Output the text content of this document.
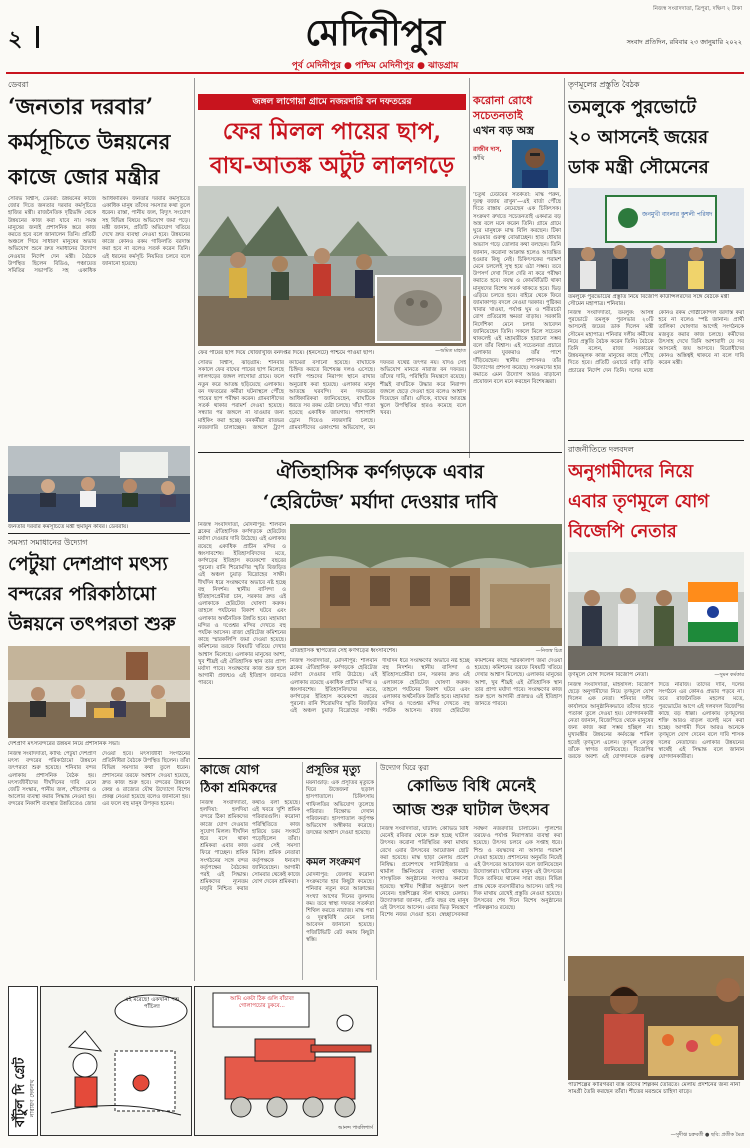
২	মেদিনীপুর
পূর্ব মেদিনীপুর ● পশ্চিম মেদিনীপুর ● ঝাড়গ্রাম
নিজস্ব সংবাদদাতা, ত্রিপুরা, দক্ষিণ ২ টাকা
সংবাদ প্রতিদিন, রবিবার ২৩ জানুয়ারি ২০২২
ডেবরা
‘জনতার দরবার’
কর্মসূচিতে উন্নয়নের
কাজে জোর মন্ত্রীর
সৌরভ বিশ্বাস, ডেবরা: উন্নয়নের কাজে জোর দিতে জনতার দরবার কর্মসূচিতে হাজির মন্ত্রী। রাজনৈতিক দৃষ্টিভঙ্গি থেকে উন্নয়নের কাজ করা যাবে না। সমস্ত মানুষের জন্যই প্রশাসনিক স্তরে কাজ করতে হবে বলে জানালেন তিনি। প্রতিটি অঞ্চলে গিয়ে সাধারণ মানুষের অভাব অভিযোগ শুনে দ্রুত সমাধানের উদ্যোগ নেওয়ার নির্দেশ দেন মন্ত্রী। বৈঠকে উপস্থিত ছিলেন বিডিও, পঞ্চায়েত সমিতির সভাপতি সহ একাধিক আধিকারিক। জনতার দরবার কর্মসূচিতে একাধিক মানুষ তাঁদের সমস্যার কথা তুলে ধরেন। রাস্তা, পানীয় জল, বিদ্যুৎ সংযোগ সহ বিভিন্ন বিষয়ে অভিযোগ জমা পড়ে। মন্ত্রী জানান, প্রতিটি অভিযোগ খতিয়ে দেখে দ্রুত ব্যবস্থা নেওয়া হবে। উন্নয়নের কাজে কোনও রকম গাফিলতি বরদাস্ত করা হবে না বলেও সতর্ক করেন তিনি। এই ধরনের কর্মসূচি নিয়মিত চলবে বলে জানানো হয়েছে।
জনতার দরবার কর্মসূচিতে মন্ত্রী হুমায়ুন কবির। ডেবরায়।
সমস্যা সমাধানের উদ্যোগ
পেটুয়া দেশপ্রাণ মৎস্য
বন্দরের পরিকাঠামো
উন্নয়নে তৎপরতা শুরু
দেশপ্রাণ মৎস্যবন্দরের উন্নয়ন নিয়ে প্রশাসনিক সভা।
নিজস্ব সংবাদদাতা, কাঁথি: পেটুয়া দেশপ্রাণ মৎস্য বন্দরের পরিকাঠামো উন্নয়নে তৎপরতা শুরু হয়েছে। শনিবার বন্দর এলাকায় প্রশাসনিক বৈঠক হয়। মৎস্যজীবীদের দীর্ঘদিনের দাবি মেনে জেটি সংস্কার, পানীয় জল, শৌচাগার ও আলোর ব্যবস্থা করার সিদ্ধান্ত নেওয়া হয়। বন্দরের নিকাশি ব্যবস্থার উন্নতিতেও জোর দেওয়া হবে। মৎস্যজীবী সংগঠনের প্রতিনিধিরা বৈঠকে উপস্থিত ছিলেন। তাঁরা বিভিন্ন সমস্যার কথা তুলে ধরেন। প্রশাসনের তরফে আশ্বাস দেওয়া হয়েছে, দ্রুত কাজ শুরু হবে। বন্দরের উন্নয়নে কেন্দ্র ও রাজ্যের যৌথ উদ্যোগে বিশেষ প্রকল্প নেওয়া হয়েছে বলেও জানানো হয়। এর ফলে বহু মানুষ উপকৃত হবেন।
জঙ্গল লাগোয়া গ্রামে নজরদারি বন দফতরের
ফের মিলল পায়ের ছাপ,
বাঘ-আতঙ্ক অটুট লালগড়ে
—অমিত মাহাত
ফের পায়ের ছাপ দিয়ে খোঁজাখুঁজি বনদপ্তর দিয়ে। (ইনসেটে) পশ্চিমে পাওয়া ছাপ।
সৌরভ বিশ্বাস, ঝাড়গ্রাম: শনিবার সকালে ফের বাঘের পায়ের ছাপ মিলেছে লালগড়ের জঙ্গল লাগোয়া গ্রামে। ফলে নতুন করে আতঙ্ক ছড়িয়েছে এলাকায়। বন দফতরের কর্মীরা ঘটনাস্থলে পৌঁছে পায়ের ছাপ পরীক্ষা করেন। গ্রামবাসীদের সতর্ক থাকার পরামর্শ দেওয়া হয়েছে। সন্ধ্যার পর জঙ্গলে না যাওয়ার জন্য মাইকিং করা হচ্ছে। বনকর্মীরা রাতভর নজরদারি চালাচ্ছেন। জঙ্গলে ট্র্যাপ ক্যামেরা বসানো হয়েছে। বাঘটিকে চিহ্নিত করতে বিশেষজ্ঞ দলও এসেছে। গবাদি পশুদের নিরাপদ স্থানে রাখার অনুরোধ করা হয়েছে। এলাকার মানুষ আতঙ্কে ঘরবন্দি। বন দফতরের আধিকারিকরা জানিয়েছেন, বাঘটিকে ধরতে সব রকম চেষ্টা চলছে। খাঁচা পাতা হয়েছে একাধিক জায়গায়। পাশাপাশি ড্রোন দিয়েও নজরদারি চলছে। গ্রামবাসীদের একাংশের অভিযোগ, বন দফতর যথেষ্ট তৎপর নয়। যদিও সেই অভিযোগ মানতে নারাজ বন দফতর। তাঁদের দাবি, পরিস্থিতি নিয়ন্ত্রণে রয়েছে। শীঘ্রই বাঘটিকে উদ্ধার করে নিরাপদ জঙ্গলে ছেড়ে দেওয়া হবে বলেও আশ্বাস দিয়েছেন তাঁরা। এদিকে, বাঘের আতঙ্কে স্কুলে উপস্থিতির হারও কমেছে বলে খবর।
করোনা রোধে
সচেতনতাই
এখন বড় অস্ত্র
রাজীব দাস,
কাঁথি
‘চতুর্থ ঢেউয়ের সতর্কতা: মাস্ক পরুন, দূরত্ব বজায় রাখুন’—এই বার্তা পৌঁছে দিতে রাস্তায় নেমেছেন এক চিকিৎসক। সংক্রমণ রুখতে সচেতনতাই একমাত্র বড় অস্ত্র বলে মনে করেন তিনি। গ্রামে গ্রামে ঘুরে মানুষকে মাস্ক বিলি করছেন। টিকা নেওয়ার গুরুত্ব বোঝাচ্ছেন। হাত ধোয়ার অভ্যাস গড়ে তোলার কথা বলছেন। তিনি জানান, করোনা আক্রান্ত হলেও আতঙ্কিত হওয়ার কিছু নেই। চিকিৎসকের পরামর্শ মেনে চললেই সুস্থ হয়ে ওঠা সম্ভব। তবে উপসর্গ দেখা দিলে দেরি না করে পরীক্ষা করাতে হবে। বয়স্ক ও কোমর্বিডিটি থাকা মানুষদের বিশেষ সতর্ক থাকতে হবে। ভিড় এড়িয়ে চলতে হবে। বাইরে থেকে ফিরে জামাকাপড় বদলে নেওয়া দরকার। পুষ্টিকর খাবার খাওয়া, পর্যাপ্ত ঘুম ও শরীরচর্চা রোগ প্রতিরোধ ক্ষমতা বাড়ায়। সরকারি নির্দেশিকা মেনে চলার আবেদন জানিয়েছেন তিনি। সকলে মিলে সচেতন থাকলেই এই মহামারীকে হারানো সম্ভব বলে তাঁর বিশ্বাস। এই সচেতনতা প্রচারে এলাকার যুবকরাও তাঁর পাশে দাঁড়িয়েছেন। স্থানীয় প্রশাসনও তাঁর উদ্যোগের প্রশংসা করেছে। সংক্রমণের হার কমাতে এমন উদ্যোগ আরও বাড়ানো প্রয়োজন বলে মনে করছেন বিশেষজ্ঞরা।
তৃণমূলের প্রস্তুতি বৈঠক
তমলুকে পুরভোটে
২০ আসনেই জয়ের
ডাক মন্ত্রী সৌমেনের
জনমুখী বাংলার কুশলী পরিষদ
তমলুকে পুরভোটের প্রস্তুতি নিয়ে বিজেপি কাউন্সিলরদের সঙ্গে বৈঠকে মন্ত্রী সৌমেন মহাপাত্র। শনিবার।
নিজস্ব সংবাদদাতা, তমলুক: আসন্ন পুরভোটে তমলুক পুরসভার ২০টি আসনেই জয়ের ডাক দিলেন মন্ত্রী সৌমেন মহাপাত্র। শনিবার দলীয় কর্মীদের নিয়ে প্রস্তুতি বৈঠক করেন তিনি। বৈঠকে তিনি বলেন, রাজ্য সরকারের উন্নয়নমূলক কাজ মানুষের কাছে পৌঁছে দিতে হবে। প্রতিটি ওয়ার্ডে বাড়ি বাড়ি প্রচারের নির্দেশ দেন তিনি। দলের মধ্যে কোনও রকম গোষ্ঠীকোন্দল বরদাস্ত করা হবে না বলেও স্পষ্ট জানান। প্রার্থী তালিকা ঘোষণার আগেই সংগঠনকে মজবুত করার কাজ চলছে। কর্মীদের উৎসাহ দেখে তিনি আশাবাদী যে সব আসনেই জয় আসবে। বিরোধীদের কোনও অস্তিত্বই থাকবে না বলে দাবি করেন মন্ত্রী।
রাজনীতিতে দলবদল
অনুগামীদের নিয়ে
এবার তৃণমূলে যোগ
বিজেপি নেতার
তৃণমূলে যোগ দিলেন বিজেপি নেতা।	—সুমন কর্মকার
নিজস্ব সংবাদদাতা, মহিষাদল: বিজেপি ছেড়ে অনুগামীদের নিয়ে তৃণমূলে যোগ দিলেন এক নেতা। শনিবার দলীয় কার্যালয়ে আনুষ্ঠানিকভাবে তাঁদের হাতে পতাকা তুলে দেওয়া হয়। যোগদানকারী নেতা জানান, বিজেপিতে থেকে মানুষের জন্য কাজ করা সম্ভব হচ্ছিল না। মুখ্যমন্ত্রীর উন্নয়নের কর্মযজ্ঞে শামিল হতেই তৃণমূলে এলেন। তৃণমূল নেতৃত্ব তাঁকে স্বাগত জানিয়েছে। বিজেপির তরফে অবশ্য এই যোগদানকে গুরুত্ব দিতে নারাজ। তাদের দাবি, দলের সংগঠনে এর কোনও প্রভাব পড়বে না। তবে রাজনৈতিক মহলের মতে, পুরভোটের আগে এই দলবদল বিজেপির কাছে বড় ধাক্কা। এলাকায় তৃণমূলের শক্তি আরও বাড়ল বলেই মনে করা হচ্ছে। আগামী দিনে আরও অনেকে তৃণমূলে যোগ দেবেন বলে দাবি শাসক দলের নেতাদের। এলাকার উন্নয়নের স্বার্থেই এই সিদ্ধান্ত বলে জানান যোগদানকারীরা।
ঐতিহাসিক কর্ণগড়কে এবার
‘হেরিটেজ’ মর্যাদা দেওয়ার দাবি
নিজস্ব সংবাদদাতা, মেদিনীপুর: শালবনি ব্লকের ঐতিহাসিক কর্ণগড়কে হেরিটেজ মর্যাদা দেওয়ার দাবি উঠেছে। এই এলাকায় রয়েছে একাধিক প্রাচীন মন্দির ও ধ্বংসাবশেষ। ইতিহাসবিদদের মতে, কর্ণগড়ের ইতিহাস কয়েকশো বছরের পুরনো। রানি শিরোমণির স্মৃতি বিজড়িত এই অঞ্চল চুয়াড় বিদ্রোহের সাক্ষী। দীর্ঘদিন ধরে সংরক্ষণের অভাবে নষ্ট হচ্ছে বহু নিদর্শন। স্থানীয় বাসিন্দা ও ইতিহাসপ্রেমীরা চান, সরকার দ্রুত এই এলাকাকে হেরিটেজ ঘোষণা করুক। তাহলে পর্যটনের বিকাশ ঘটবে এবং এলাকার অর্থনৈতিক উন্নতি হবে। মহামায়া মন্দির ও দণ্ডেশ্বর মন্দির দেখতে বহু পর্যটক আসেন। রাজ্য হেরিটেজ কমিশনের কাছে স্মারকলিপি জমা দেওয়া হয়েছে। কমিশনের তরফে বিষয়টি খতিয়ে দেখার আশ্বাস মিলেছে। এলাকার মানুষের আশা, খুব শীঘ্রই এই ঐতিহাসিক স্থান তার প্রাপ্য মর্যাদা পাবে। সংরক্ষণের কাজ শুরু হলে আগামী প্রজন্মও এই ইতিহাস জানতে পারবে।
ঐতিহাসিক স্থাপত্যের সেই কর্ণগড়ের ধ্বংসাবশেষ।	—নিজস্ব চিত্র
নিজস্ব সংবাদদাতা, মেদিনীপুর: শালবনি ব্লকের ঐতিহাসিক কর্ণগড়কে হেরিটেজ মর্যাদা দেওয়ার দাবি উঠেছে। এই এলাকায় রয়েছে একাধিক প্রাচীন মন্দির ও ধ্বংসাবশেষ। ইতিহাসবিদদের মতে, কর্ণগড়ের ইতিহাস কয়েকশো বছরের পুরনো। রানি শিরোমণির স্মৃতি বিজড়িত এই অঞ্চল চুয়াড় বিদ্রোহের সাক্ষী। দীর্ঘদিন ধরে সংরক্ষণের অভাবে নষ্ট হচ্ছে বহু নিদর্শন। স্থানীয় বাসিন্দা ও ইতিহাসপ্রেমীরা চান, সরকার দ্রুত এই এলাকাকে হেরিটেজ ঘোষণা করুক। তাহলে পর্যটনের বিকাশ ঘটবে এবং এলাকার অর্থনৈতিক উন্নতি হবে। মহামায়া মন্দির ও দণ্ডেশ্বর মন্দির দেখতে বহু পর্যটক আসেন। রাজ্য হেরিটেজ কমিশনের কাছে স্মারকলিপি জমা দেওয়া হয়েছে। কমিশনের তরফে বিষয়টি খতিয়ে দেখার আশ্বাস মিলেছে। এলাকার মানুষের আশা, খুব শীঘ্রই এই ঐতিহাসিক স্থান তার প্রাপ্য মর্যাদা পাবে। সংরক্ষণের কাজ শুরু হলে আগামী প্রজন্মও এই ইতিহাস জানতে পারবে।
কাজে যোগ
ঠিকা শ্রমিকদের
নিজস্ব সংবাদদাতা, হলদিয়া: হলদিয়া বন্দরে ঠিকা শ্রমিকদের কাজে যোগ দেওয়ার সুযোগ মিলল। দীর্ঘদিন ধরে বসে থাকা শ্রমিকরা এবার কাজ ফিরে পাচ্ছেন। শ্রমিক সংগঠনের সঙ্গে বন্দর কর্তৃপক্ষের বৈঠকের পরই এই সিদ্ধান্ত। শ্রমিকদের ন্যূনতম মজুরি নিশ্চিত করার কথাও বলা হয়েছে। এই খবরে খুশি শ্রমিক পরিবারগুলি। করোনা পরিস্থিতিতে কাজ হারিয়ে চরম সংকটে পড়েছিলেন তাঁরা। এবার সেই সমস্যা মিটল। শ্রমিক নেতারা কর্তৃপক্ষকে ধন্যবাদ জানিয়েছেন। আগামী সোমবার থেকেই কাজে যোগ দেবেন শ্রমিকরা।
প্রসূতির মৃত্যু
ময়নাগুড়ি: এক প্রসূতির মৃত্যুকে ঘিরে উত্তেজনা ছড়াল হাসপাতালে। চিকিৎসায় গাফিলতির অভিযোগ তুলেছে পরিবার। বিক্ষোভ দেখান পরিজনরা। হাসপাতাল কর্তৃপক্ষ অভিযোগ অস্বীকার করেছে। তদন্তের আশ্বাস দেওয়া হয়েছে।
কমল সংক্রমণ
মেদিনীপুর: জেলায় করোনা সংক্রমণের হার কিছুটা কমেছে। শনিবার নতুন করে আক্রান্তের সংখ্যা আগের দিনের তুলনায় কম। তবে স্বাস্থ্য দফতর সতর্কতা শিথিল করতে নারাজ। মাস্ক পরা ও দূরত্ববিধি মেনে চলার আবেদন জানানো হয়েছে। পজিটিভিটি রেট কমায় কিছুটা স্বস্তি।
উদ্যোগ ঘিরে ত্বরা
কোভিড বিধি মেনেই
আজ শুরু ঘাটাল উৎসব
নিজস্ব সংবাদদাতা, ঘাটাল: কোভিড বিধি মেনেই রবিবার থেকে শুরু হচ্ছে ঘাটাল উৎসব। করোনা পরিস্থিতির কথা মাথায় রেখে এবার উৎসবের আয়োজন ছোট করা হয়েছে। মাস্ক ছাড়া মেলায় প্রবেশ নিষিদ্ধ। প্রবেশপথে স্যানিটাইজার ও থার্মাল স্ক্রিনিংয়ের ব্যবস্থা থাকছে। সাংস্কৃতিক অনুষ্ঠানের সংখ্যাও কমানো হয়েছে। স্থানীয় শিল্পীরা অনুষ্ঠানে অংশ নেবেন। হস্তশিল্পের স্টল থাকছে মেলায়। উদ্যোক্তারা জানান, প্রতি বছর বহু মানুষ এই উৎসবে আসেন। এবার ভিড় নিয়ন্ত্রণে বিশেষ নজর দেওয়া হবে। স্বেচ্ছাসেবকরা সর্বক্ষণ নজরদারি চালাবেন। পুলিশের তরফেও পর্যাপ্ত নিরাপত্তার ব্যবস্থা করা হয়েছে। উৎসব চলবে এক সপ্তাহ ধরে। শিশু ও বয়স্কদের না আসার পরামর্শ দেওয়া হয়েছে। প্রশাসনের অনুমতি নিয়েই এই উৎসবের আয়োজন বলে জানিয়েছেন উদ্যোক্তারা। ঘাটালের মানুষ এই উৎসবের দিকে তাকিয়ে থাকেন সারা বছর। বিভিন্ন প্রান্ত থেকে ব্যবসায়ীরাও আসেন। তাই সব দিক মাথায় রেখেই প্রস্তুতি নেওয়া হয়েছে। উৎসবের শেষ দিনে বিশেষ অনুষ্ঠানের পরিকল্পনাও রয়েছে।
পাটশিল্পের কারিগররা ব্যস্ত তাঁদের শিল্পকর্ম তৈরিতে। মেলায় প্রদর্শনের জন্য নানা সামগ্রী তৈরি করছেন তাঁরা। শীতের মরশুমে চাহিদা বাড়ে।
—সুদীপ্ত চক্রবর্তী ● ছবি: প্রতীক মৈত্র
বাঁটুল দি গ্রেট নারায়ণ দেবনাথ
এই মরেছে! একখানা পশু পাঁচিল!
আমি একটা ঠিক গুলি বাঁচাব! গোলাপচোর ঢুকবে...
আনন্দ পাবলিশার্স
